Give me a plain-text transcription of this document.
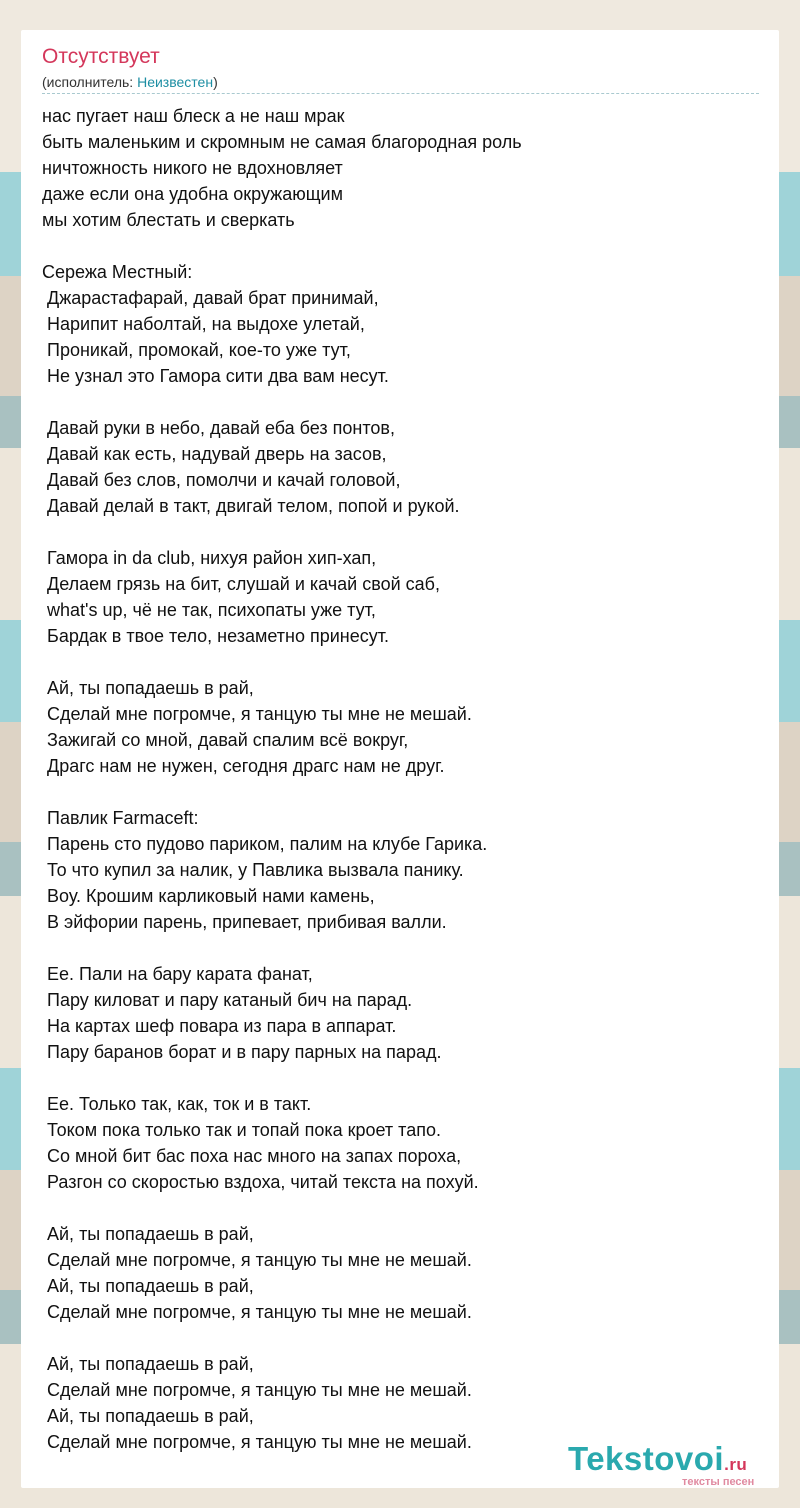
Отсутствует
(исполнитель: Неизвестен)
нас пугает наш блеск а не наш мрак
быть маленьким и скромным не самая благородная роль
ничтожность никого не вдохновляет
даже если она удобна окружающим
мы хотим блестать и сверкать

Сережа Местный:
Джарастафарай, давай брат принимай,
Нарипит наболтай, на выдохе улетай,
Проникай, промокай, кое-то уже тут,
Не узнал это Гамора сити два вам несут.

Давай руки в небо, давай еба без понтов,
Давай как есть, надувай дверь на засов,
Давай без слов, помолчи и качай головой,
Давай делай в такт, двигай телом, попой и рукой.

Гамора in da club, нихуя район хип-хап,
Делаем грязь на бит, слушай и качай свой саб,
what's up, чё не так, психопаты уже тут,
Бардак в твое тело, незаметно принесут.

Ай, ты попадаешь в рай,
Сделай мне погромче, я танцую ты мне не мешай.
Зажигай со мной, давай спалим всё вокруг,
Драгс нам не нужен, сегодня драгс нам не друг.

Павлик Farmaceft:
Парень сто пудово париком, палим на клубе Гарика.
То что купил за налик, у Павлика вызвала панику.
Воу. Крошим карликовый нами камень,
В эйфории парень, припевает, прибивая валли.

Ее. Пали на бару карата фанат,
Пару киловат и пару катаный бич на парад.
На картах шеф повара из пара в аппарат.
Пару баранов борат и в пару парных на парад.

Ее. Только так, как, ток и в такт.
Током пока только так и топай пока кроет тапо.
Со мной бит бас поха нас много на запах пороха,
Разгон со скоростью вздоха, читай текста на похуй.

Ай, ты попадаешь в рай,
Сделай мне погромче, я танцую ты мне не мешай.
Ай, ты попадаешь в рай,
Сделай мне погромче, я танцую ты мне не мешай.

Ай, ты попадаешь в рай,
Сделай мне погромче, я танцую ты мне не мешай.
Ай, ты попадаешь в рай,
Сделай мне погромче, я танцую ты мне не мешай.	Tekstovoi.ru
тексты песен
